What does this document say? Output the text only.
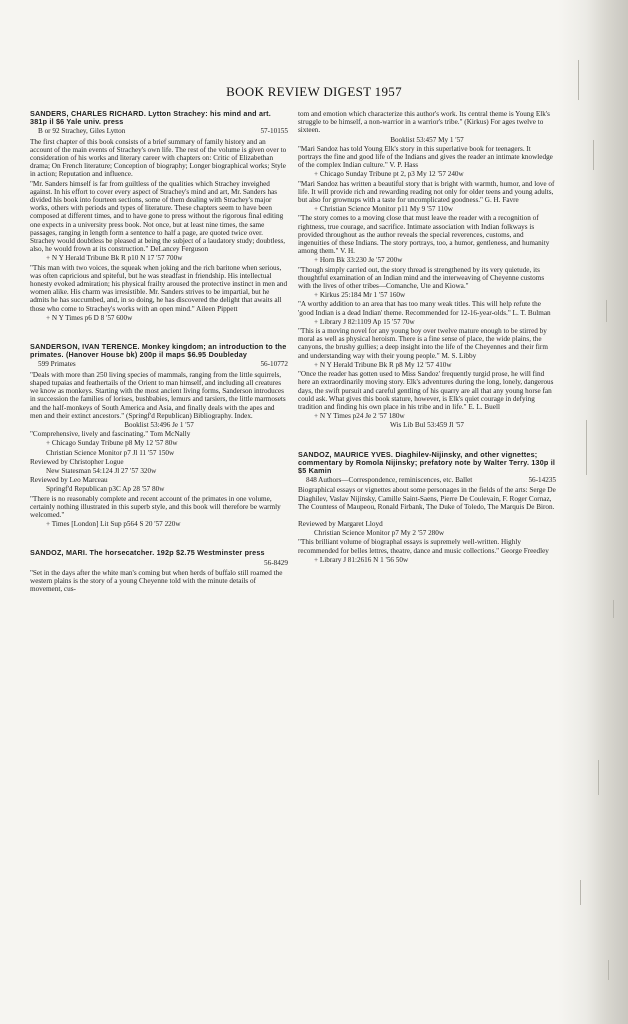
BOOK REVIEW DIGEST 1957
SANDERS, CHARLES RICHARD. Lytton Strachey: his mind and art. 381p il $6 Yale univ. press
B or 92 Strachey, Giles Lytton	57-10155
The first chapter of this book consists of a brief summary of family history and an account of the main events of Strachey's own life. The rest of the volume is given over to consideration of his works and literary career with chapters on: Critic of Elizabethan drama; On French literature; Conception of biography; Longer biographical works; Style in action; Reputation and influence.
"Mr. Sanders himself is far from guiltless of the qualities which Strachey inveighed against. In his effort to cover every aspect of Strachey's mind and art, Mr. Sanders has divided his book into fourteen sections, some of them dealing with Strachey's major works, others with periods and types of literature. These chapters seem to have been composed at different times, and to have gone to press without the rigorous final editing one expects in a university press book. Not once, but at least nine times, the same passages, ranging in length form a sentence to half a page, are quoted twice over. Strachey would doubtless be pleased at being the subject of a laudatory study; doubtless, also, he would frown at its construction." DeLancey Ferguson
+ N Y Herald Tribune Bk R p10 N 17 '57 700w
"This man with two voices, the squeak when joking and the rich baritone when serious, was often capricious and spiteful, but he was steadfast in friendship. His intellectual honesty evoked admiration; his physical frailty aroused the protective instinct in men and women alike. His charm was irresistible. Mr. Sanders strives to be impartial, but he admits he has succumbed, and, in so doing, he has discovered the delight that awaits all those who come to Strachey's works with an open mind." Aileen Pippett
+ N Y Times p6 D 8 '57 600w
SANDERSON, IVAN TERENCE. Monkey kingdom; an introduction to the primates. (Hanover House bk) 200p il maps $6.95 Doubleday
599 Primates	56-10772
"Deals with more than 250 living species of mammals, ranging from the little squirrels, shaped tupaias and feathertails of the Orient to man himself, and including all creatures we know as monkeys. Starting with the most ancient living forms, Sanderson introduces in succession the families of lorises, bushbabies, lemurs and tarsiers, the little marmosets and the half-monkeys of South America and Asia, and finally deals with the apes and men and their extinct ancestors." (Springf'd Republican) Bibliography. Index.
Booklist 53:496 Je 1 '57
"Comprehensive, lively and fascinating." Tom McNally
+ Chicago Sunday Tribune p8 My 12 '57 80w
Christian Science Monitor p7 Jl 11 '57 150w
Reviewed by Christopher Logue
New Statesman 54:124 Jl 27 '57 320w
Reviewed by Leo Marceau
Springf'd Republican p3C Ap 28 '57 80w
"There is no reasonably complete and recent account of the primates in one volume, certainly nothing illustrated in this superb style, and this book will therefore be warmly welcomed."
+ Times [London] Lit Sup p564 S 20 '57 220w
SANDOZ, MARI. The horsecatcher. 192p $2.75 Westminster press
56-8429
"Set in the days after the white man's coming but when herds of buffalo still roamed the western plains is the story of a young Cheyenne told with the minute details of movement, cus-
tom and emotion which characterize this author's work. Its central theme is Young Elk's struggle to be himself, a non-warrior in a warrior's tribe." (Kirkus) For ages twelve to sixteen.
Booklist 53:457 My 1 '57
"Mari Sandoz has told Young Elk's story in this superlative book for teenagers. It portrays the fine and good life of the Indians and gives the reader an intimate knowledge of the complex Indian culture." V. P. Hass
+ Chicago Sunday Tribune pt 2, p3 My 12 '57 240w
"Mari Sandoz has written a beautiful story that is bright with warmth, humor, and love of life. It will provide rich and rewarding reading not only for older teens and young adults, but also for grownups with a taste for uncomplicated goodness." G. H. Favre
+ Christian Science Monitor p11 My 9 '57 110w
"The story comes to a moving close that must leave the reader with a recognition of rightness, true courage, and sacrifice. Intimate association with Indian folkways is provided throughout as the author reveals the special reverences, customs, and ingenuities of these Indians. The story portrays, too, a humor, gentleness, and humanity among them." V. H.
+ Horn Bk 33:230 Je '57 200w
"Though simply carried out, the story thread is strengthened by its very quietude, its thoughtful examination of an Indian mind and the interweaving of Cheyenne customs with the lives of other tribes—Comanche, Ute and Kiowa."
+ Kirkus 25:184 Mr 1 '57 160w
"A worthy addition to an area that has too many weak titles. This will help refute the 'good Indian is a dead Indian' theme. Recommended for 12-16-year-olds." L. T. Bulman
+ Library J 82:1109 Ap 15 '57 70w
"This is a moving novel for any young boy over twelve mature enough to be stirred by moral as well as physical heroism. There is a fine sense of place, the wide plains, the canyons, the brushy gullies; a deep insight into the life of the Cheyennes and their firm and understanding way with their young people." M. S. Libby
+ N Y Herald Tribune Bk R p8 My 12 '57 410w
"Once the reader has gotten used to Miss Sandoz' frequently turgid prose, he will find here an extraordinarily moving story. Elk's adventures during the long, lonely, dangerous days, the swift pursuit and careful gentling of his quarry are all that any young horse fan could ask. What gives this book stature, however, is Elk's quiet courage in defying tradition and finding his own place in his tribe and in life." E. L. Buell
+ N Y Times p24 Je 2 '57 180w
Wis Lib Bul 53:459 Jl '57
SANDOZ, MAURICE YVES. Diaghilev-Nijinsky, and other vignettes; commentary by Romola Nijinsky; prefatory note by Walter Terry. 130p il $5 Kamin
848 Authors—Correspondence, reminiscences, etc. Ballet	56-14235
Biographical essays or vignettes about some personages in the fields of the arts: Serge De Diaghilev, Vaslav Nijinsky, Camille Saint-Saens, Pierre De Coulevain, F. Roger Cornaz, The Countess of Maupeou, Ronald Firbank, The Duke of Toledo, The Marquis De Biron.
Reviewed by Margaret Lloyd
Christian Science Monitor p7 My 2 '57 280w
"This brilliant volume of biographal essays is supremely well-written. Highly recommended for belles lettres, theatre, dance and music collections." George Freedley
+ Library J 81:2616 N 1 '56 50w
